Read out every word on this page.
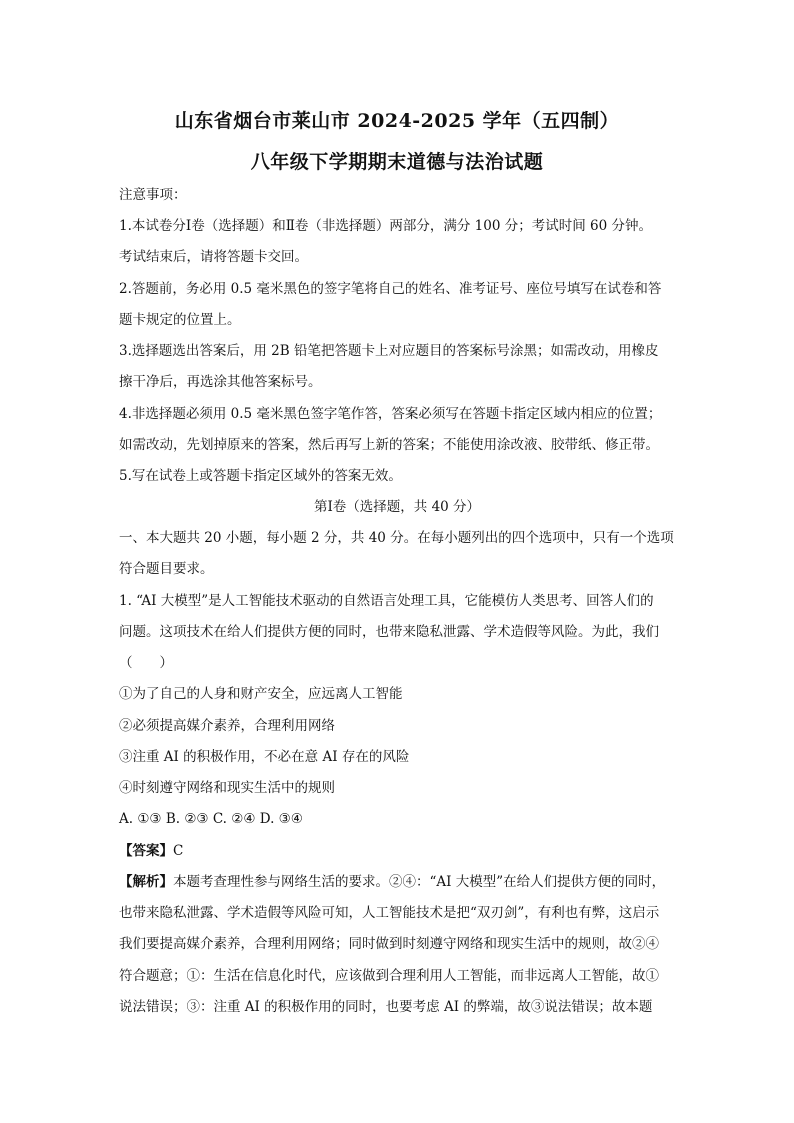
山东省烟台市莱山市 2024-2025 学年（五四制）
八年级下学期期末道德与法治试题
注意事项：
1.本试卷分Ⅰ卷（选择题）和Ⅱ卷（非选择题）两部分，满分 100 分；考试时间 60 分钟。
考试结束后，请将答题卡交回。
2.答题前，务必用 0.5 毫米黑色的签字笔将自己的姓名、准考证号、座位号填写在试卷和答
题卡规定的位置上。
3.选择题选出答案后，用 2B 铅笔把答题卡上对应题目的答案标号涂黑；如需改动，用橡皮
擦干净后，再选涂其他答案标号。
4.非选择题必须用 0.5 毫米黑色签字笔作答，答案必须写在答题卡指定区域内相应的位置；
如需改动，先划掉原来的答案，然后再写上新的答案；不能使用涂改液、胶带纸、修正带。
5.写在试卷上或答题卡指定区域外的答案无效。
第Ⅰ卷（选择题，共 40 分）
一、本大题共 20 小题，每小题 2 分，共 40 分。在每小题列出的四个选项中，只有一个选项
符合题目要求。
1. “AI 大模型”是人工智能技术驱动的自然语言处理工具，它能模仿人类思考、回答人们的
问题。这项技术在给人们提供方便的同时，也带来隐私泄露、学术造假等风险。为此，我们
（　　）
①为了自己的人身和财产安全，应远离人工智能
②必须提高媒介素养，合理利用网络
③注重 AI 的积极作用，不必在意 AI 存在的风险
④时刻遵守网络和现实生活中的规则
A. ①③ B. ②③ C. ②④ D. ③④
【答案】C
【解析】本题考查理性参与网络生活的要求。②④：“AI 大模型”在给人们提供方便的同时，
也带来隐私泄露、学术造假等风险可知，人工智能技术是把“双刃剑”，有利也有弊，这启示
我们要提高媒介素养，合理利用网络；同时做到时刻遵守网络和现实生活中的规则，故②④
符合题意；①：生活在信息化时代，应该做到合理利用人工智能，而非远离人工智能，故①
说法错误；③：注重 AI 的积极作用的同时，也要考虑 AI 的弊端，故③说法错误；故本题
